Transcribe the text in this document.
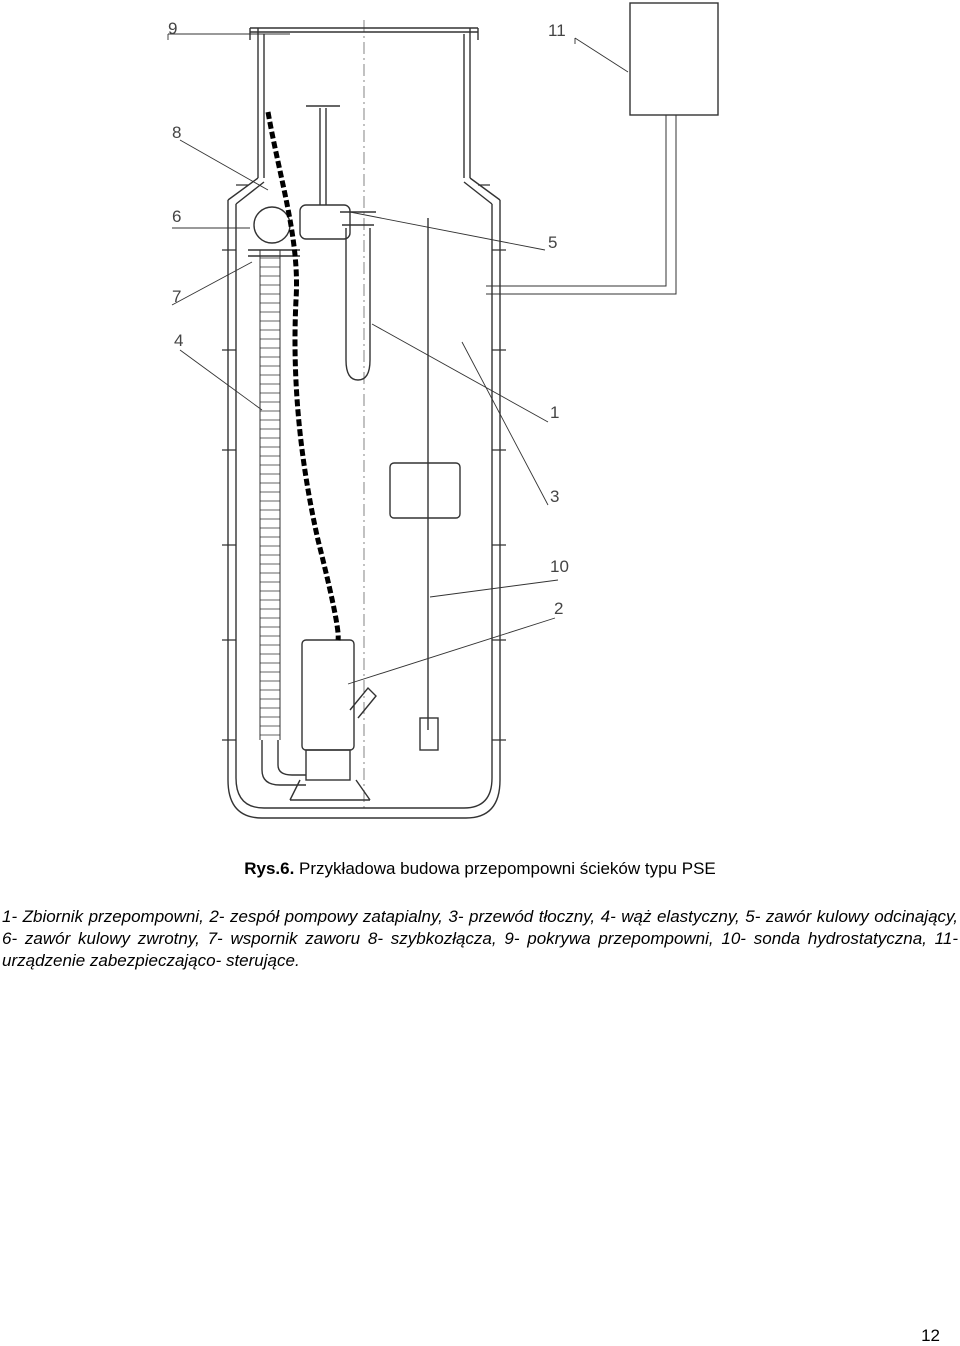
9	11
8
6
5
7
4
1
3
10
2
Rys.6. Przykładowa budowa przepompowni ścieków typu PSE
1- Zbiornik przepompowni, 2- zespół pompowy zatapialny, 3- przewód tłoczny, 4- wąż elastyczny, 5- zawór kulowy odcinający, 6- zawór kulowy zwrotny, 7- wspornik zaworu 8- szybkozłącza, 9- pokrywa przepompowni, 10- sonda hydrostatyczna, 11- urządzenie zabezpieczająco- sterujące.
12
